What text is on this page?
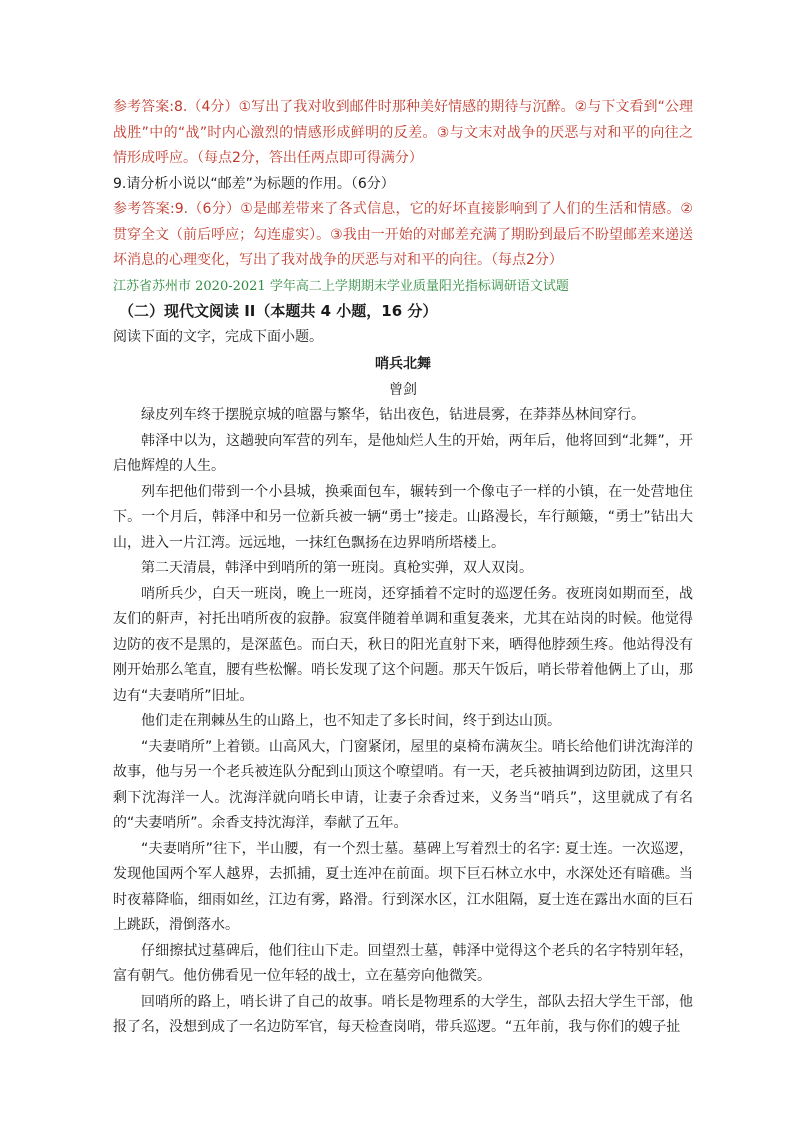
参考答案:8.（4分）①写出了我对收到邮件时那种美好情感的期待与沉醉。②与下文看到“公理战胜”中的“战”时内心激烈的情感形成鲜明的反差。③与文末对战争的厌恶与对和平的向往之情形成呼应。（每点2分，答出任两点即可得满分）

9.请分析小说以“邮差”为标题的作用。（6分）

参考答案:9.（6分）①是邮差带来了各式信息，它的好坏直接影响到了人们的生活和情感。②贯穿全文（前后呼应；勾连虚实）。③我由一开始的对邮差充满了期盼到最后不盼望邮差来递送坏消息的心理变化，写出了我对战争的厌恶与对和平的向往。（每点2分）

江苏省苏州市 2020-2021 学年高二上学期期末学业质量阳光指标调研语文试题

（二）现代文阅读 II（本题共 4 小题，16 分）

阅读下面的文字，完成下面小题。

哨兵北舞

曾剑

绿皮列车终于摆脱京城的喧嚣与繁华，钻出夜色，钻进晨雾，在莽莽丛林间穿行。

韩泽中以为，这趟驶向军营的列车，是他灿烂人生的开始，两年后，他将回到“北舞”，开启他辉煌的人生。

列车把他们带到一个小县城，换乘面包车，辗转到一个像屯子一样的小镇，在一处营地住下。一个月后，韩泽中和另一位新兵被一辆“勇士”接走。山路漫长，车行颠簸，“勇士”钻出大山，进入一片江湾。远远地，一抹红色飘扬在边界哨所塔楼上。

第二天清晨，韩泽中到哨所的第一班岗。真枪实弹，双人双岗。

哨所兵少，白天一班岗，晚上一班岗，还穿插着不定时的巡逻任务。夜班岗如期而至，战友们的鼾声，衬托出哨所夜的寂静。寂寞伴随着单调和重复袭来，尤其在站岗的时候。他觉得边防的夜不是黑的，是深蓝色。而白天，秋日的阳光直射下来，晒得他脖颈生疼。他站得没有刚开始那么笔直，腰有些松懈。哨长发现了这个问题。那天午饭后，哨长带着他俩上了山，那边有“夫妻哨所”旧址。

他们走在荆棘丛生的山路上，也不知走了多长时间，终于到达山顶。

“夫妻哨所”上着锁。山高风大，门窗紧闭，屋里的桌椅布满灰尘。哨长给他们讲沈海洋的故事，他与另一个老兵被连队分配到山顶这个嘹望哨。有一天，老兵被抽调到边防团，这里只剩下沈海洋一人。沈海洋就向哨长申请，让妻子余香过来，义务当“哨兵”，这里就成了有名的“夫妻哨所”。余香支持沈海洋，奉献了五年。

“夫妻哨所”往下，半山腰，有一个烈士墓。墓碑上写着烈士的名字: 夏士连。一次巡逻，发现他国两个军人越界，去抓捕，夏士连冲在前面。坝下巨石林立水中，水深处还有暗礁。当时夜幕降临，细雨如丝，江边有雾，路滑。行到深水区，江水阻隔，夏士连在露出水面的巨石上跳跃，滑倒落水。

仔细擦拭过墓碑后，他们往山下走。回望烈士墓，韩泽中觉得这个老兵的名字特别年轻，富有朝气。他仿佛看见一位年轻的战士，立在墓旁向他微笑。

回哨所的路上，哨长讲了自己的故事。哨长是物理系的大学生，部队去招大学生干部，他报了名，没想到成了一名边防军官，每天检查岗哨，带兵巡逻。“五年前，我与你们的嫂子扯
